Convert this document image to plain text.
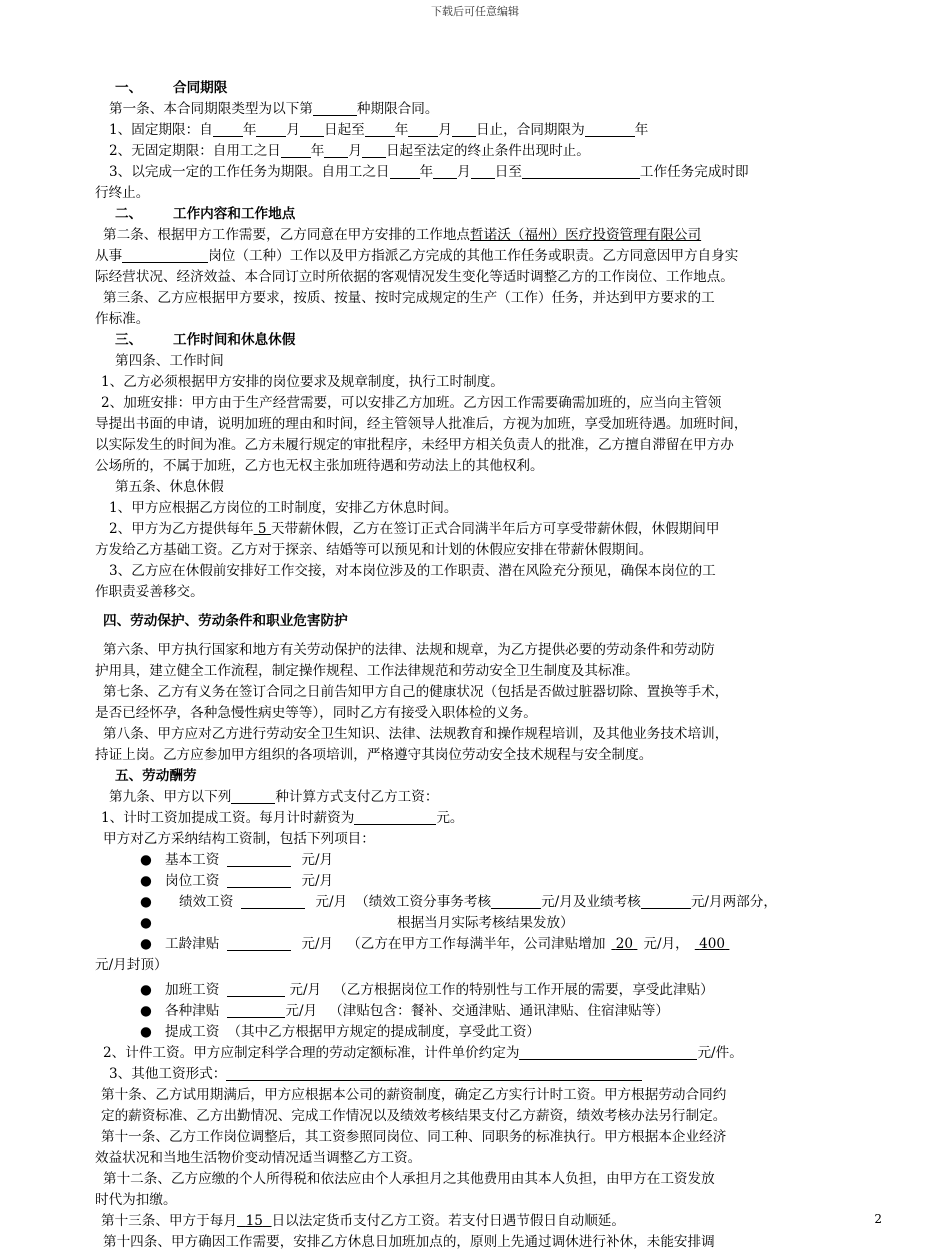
下载后可任意编辑
一、 合同期限
第一条、本合同期限类型为以下第	种期限合同。
1、固定期限：自 年 月 日起至 年 月 日止，合同期限为	年
2、无固定期限：自用工之日 年 月 日起至法定的终止条件出现时止。
3、以完成一定的工作任务为期限。自用工之日 年 月 日至	工作任务完成时即
行终止。
二、 工作内容和工作地点
第二条、根据甲方工作需要，乙方同意在甲方安排的工作地点哲诺沃（福州）医疗投资管理有限公司
从事	岗位（工种）工作以及甲方指派乙方完成的其他工作任务或职责。乙方同意因甲方自身实
际经营状况、经济效益、本合同订立时所依据的客观情况发生变化等适时调整乙方的工作岗位、工作地点。
第三条、乙方应根据甲方要求，按质、按量、按时完成规定的生产（工作）任务，并达到甲方要求的工
作标准。
三、 工作时间和休息休假
第四条、工作时间
1、乙方必须根据甲方安排的岗位要求及规章制度，执行工时制度。
2、加班安排：甲方由于生产经营需要，可以安排乙方加班。乙方因工作需要确需加班的，应当向主管领
导提出书面的申请，说明加班的理由和时间，经主管领导人批准后，方视为加班，享受加班待遇。加班时间，
以实际发生的时间为准。乙方未履行规定的审批程序，未经甲方相关负责人的批准，乙方擅自滞留在甲方办
公场所的，不属于加班，乙方也无权主张加班待遇和劳动法上的其他权利。
第五条、休息休假
1、甲方应根据乙方岗位的工时制度，安排乙方休息时间。
2、甲方为乙方提供每年 5 天带薪休假，乙方在签订正式合同满半年后方可享受带薪休假，休假期间甲
方发给乙方基础工资。乙方对于探亲、结婚等可以预见和计划的休假应安排在带薪休假期间。
3、乙方应在休假前安排好工作交接，对本岗位涉及的工作职责、潜在风险充分预见，确保本岗位的工
作职责妥善移交。
四、劳动保护、劳动条件和职业危害防护
第六条、甲方执行国家和地方有关劳动保护的法律、法规和规章，为乙方提供必要的劳动条件和劳动防
护用具，建立健全工作流程，制定操作规程、工作法律规范和劳动安全卫生制度及其标准。
第七条、乙方有义务在签订合同之日前告知甲方自己的健康状况（包括是否做过脏器切除、置换等手术，
是否已经怀孕，各种急慢性病史等等），同时乙方有接受入职体检的义务。
第八条、甲方应对乙方进行劳动安全卫生知识、法律、法规教育和操作规程培训，及其他业务技术培训，
持证上岗。乙方应参加甲方组织的各项培训，严格遵守其岗位劳动安全技术规程与安全制度。
五、劳动酬劳
第九条、甲方以下列	种计算方式支付乙方工资：
1、计时工资加提成工资。每月计时薪资为	元。
甲方对乙方采纳结构工资制，包括下列项目：
● 基本工资	元/月
● 岗位工资	元/月
● 绩效工资	元/月 （绩效工资分事务考核	元/月及业绩考核	元/月两部分，
●	根据当月实际考核结果发放）
● 工龄津贴	元/月 （乙方在甲方工作每满半年，公司津贴增加 20 元/月， 400
元/月封顶）
● 加班工资	元/月 （乙方根据岗位工作的特别性与工作开展的需要，享受此津贴）
● 各种津贴	元/月 （津贴包含：餐补、交通津贴、通讯津贴、住宿津贴等）
● 提成工资 （其中乙方根据甲方规定的提成制度，享受此工资）
2、计件工资。甲方应制定科学合理的劳动定额标准，计件单价约定为	元/件。
3、其他工资形式：
第十条、乙方试用期满后，甲方应根据本公司的薪资制度，确定乙方实行计时工资。甲方根据劳动合同约
定的薪资标准、乙方出勤情况、完成工作情况以及绩效考核结果支付乙方薪资，绩效考核办法另行制定。
第十一条、乙方工作岗位调整后，其工资参照同岗位、同工种、同职务的标准执行。甲方根据本企业经济
效益状况和当地生活物价变动情况适当调整乙方工资。
第十二条、乙方应缴的个人所得税和依法应由个人承担月之其他费用由其本人负担，由甲方在工资发放
时代为扣缴。
第十三条、甲方于每月 15 日以法定货币支付乙方工资。若支付日遇节假日自动顺延。
第十四条、甲方确因工作需要，安排乙方休息日加班加点的，原则上先通过调休进行补休，未能安排调
2
